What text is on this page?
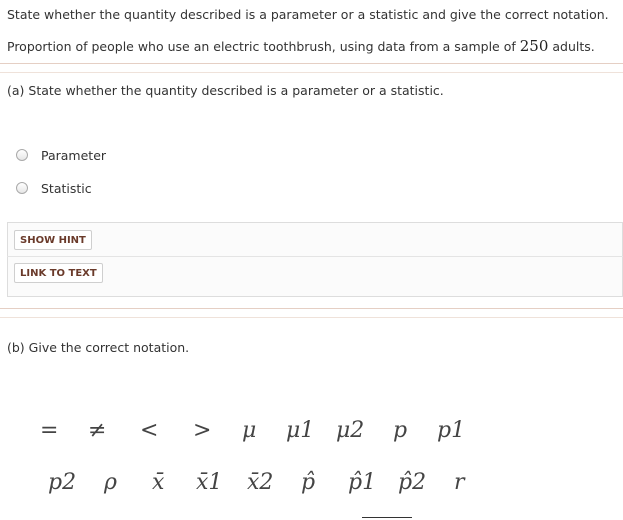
State whether the quantity described is a parameter or a statistic and give the correct notation.
Proportion of people who use an electric toothbrush, using data from a sample of 250 adults.
(a) State whether the quantity described is a parameter or a statistic.
Parameter
Statistic
SHOW HINT
LINK TO TEXT
(b) Give the correct notation.
= ≠ < > μ μ1 μ2 p p1
p2 ρ x̄ x̄1 x̄2 p̂ p̂1 p̂2 r
